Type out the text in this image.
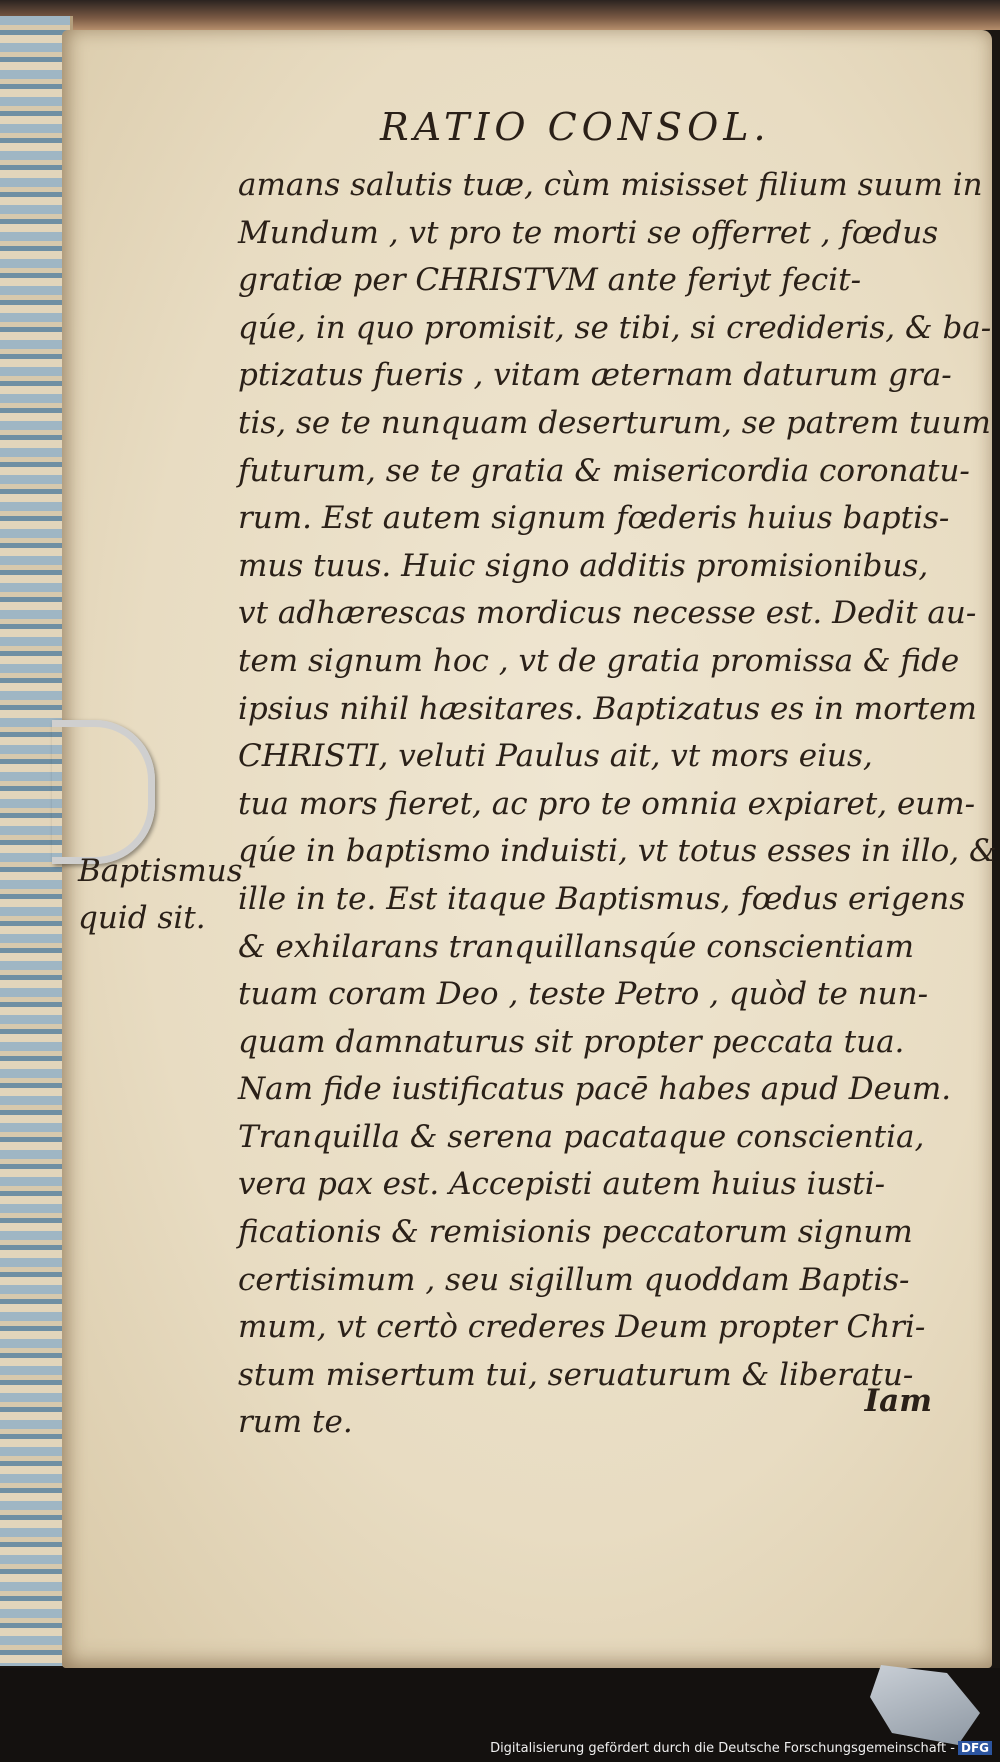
RATIO CONSOL.
amans salutis tuæ, cùm misisset filium suum in
Mundum , vt pro te morti se offerret , fœdus
gratiæ per CHRISTVM ante feriyt fecit-
qúe, in quo promisit, se tibi, si credideris, & ba-
ptizatus fueris , vitam æternam daturum gra-
tis, se te nunquam deserturum, se patrem tuum
futurum, se te gratia & misericordia coronatu-
rum. Est autem signum fœderis huius baptis-
mus tuus. Huic signo additis promisionibus,
vt adhærescas mordicus necesse est. Dedit au-
tem signum hoc , vt de gratia promissa & fide
ipsius nihil hæsitares. Baptizatus es in mortem
CHRISTI, veluti Paulus ait, vt mors eius,
tua mors fieret, ac pro te omnia expiaret, eum-
qúe in baptismo induisti, vt totus esses in illo, &
ille in te. Est itaque Baptismus, fœdus erigens
& exhilarans tranquillansqúe conscientiam
tuam coram Deo , teste Petro , quòd te nun-
quam damnaturus sit propter peccata tua.
Nam fide iustificatus pacē habes apud Deum.
Tranquilla & serena pacataque conscientia,
vera pax est. Accepisti autem huius iusti-
ficationis & remisionis peccatorum signum
certisimum , seu sigillum quoddam Baptis-
mum, vt certò crederes Deum propter Chri-
stum misertum tui, seruaturum & liberatu-
rum te.
Baptismus
quid sit.
Iam
Digitalisierung gefördert durch die Deutsche Forschungsgemeinschaft - DFG
